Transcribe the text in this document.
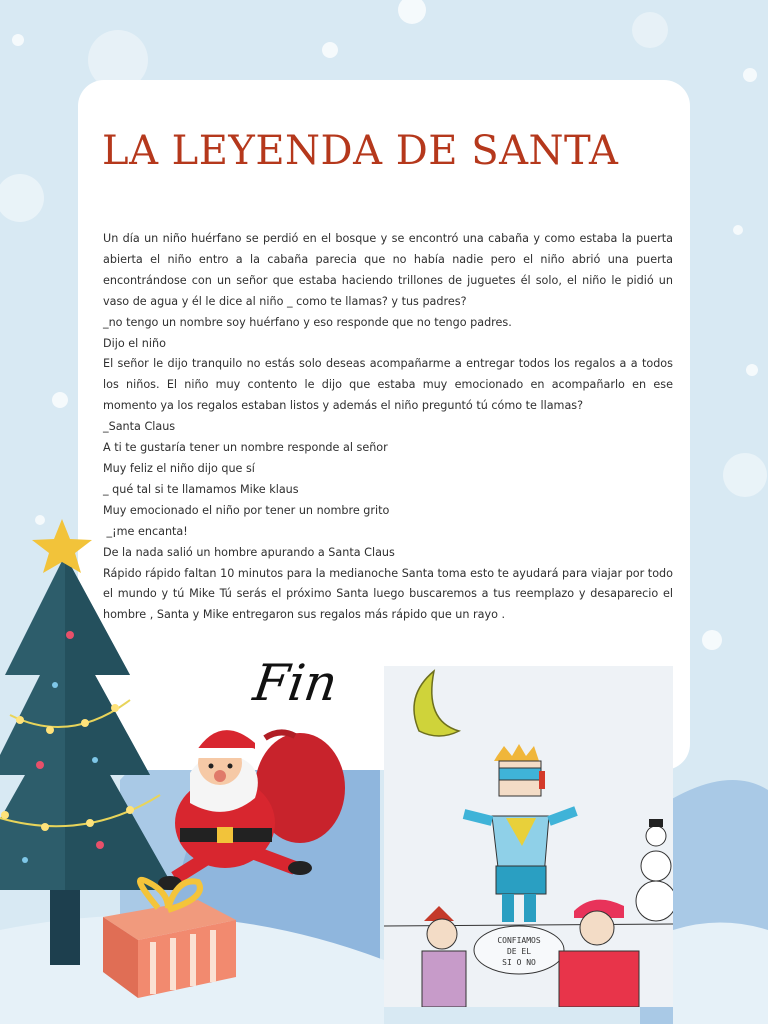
LA LEYENDA DE SANTA

Un día un niño huérfano se perdió en el bosque y se encontró una cabaña y como estaba la puerta abierta el niño entro a la cabaña parecia que no había nadie pero el niño abrió una puerta encontrándose con un señor que estaba haciendo trillones de juguetes él solo, el niño le pidió un vaso de agua y él le dice al niño _ como te llamas? y tus padres?

_no tengo un nombre soy huérfano y eso responde que no tengo padres.

Dijo el niño

El señor le dijo tranquilo no estás solo deseas acompañarme a entregar todos los regalos a a todos los niños. El niño muy contento le dijo que estaba muy emocionado en acompañarlo en ese momento ya los regalos estaban listos y además el niño preguntó tú cómo te llamas?

_Santa Claus

A ti te gustaría tener un nombre responde al señor

Muy feliz el niño dijo que sí

_ qué tal si te llamamos Mike klaus

Muy emocionado el niño por tener un nombre grito

_¡me encanta!

De la nada salió un hombre apurando a Santa Claus

Rápido rápido faltan 10 minutos para la medianoche Santa toma esto te ayudará para viajar por todo el mundo y tú Mike Tú serás el próximo Santa luego buscaremos a tus reemplazo y desaparecio el hombre , Santa y Mike entregaron sus regalos más rápido que un rayo .

Fin
CONFIAMOS
DE EL
SI O NO
